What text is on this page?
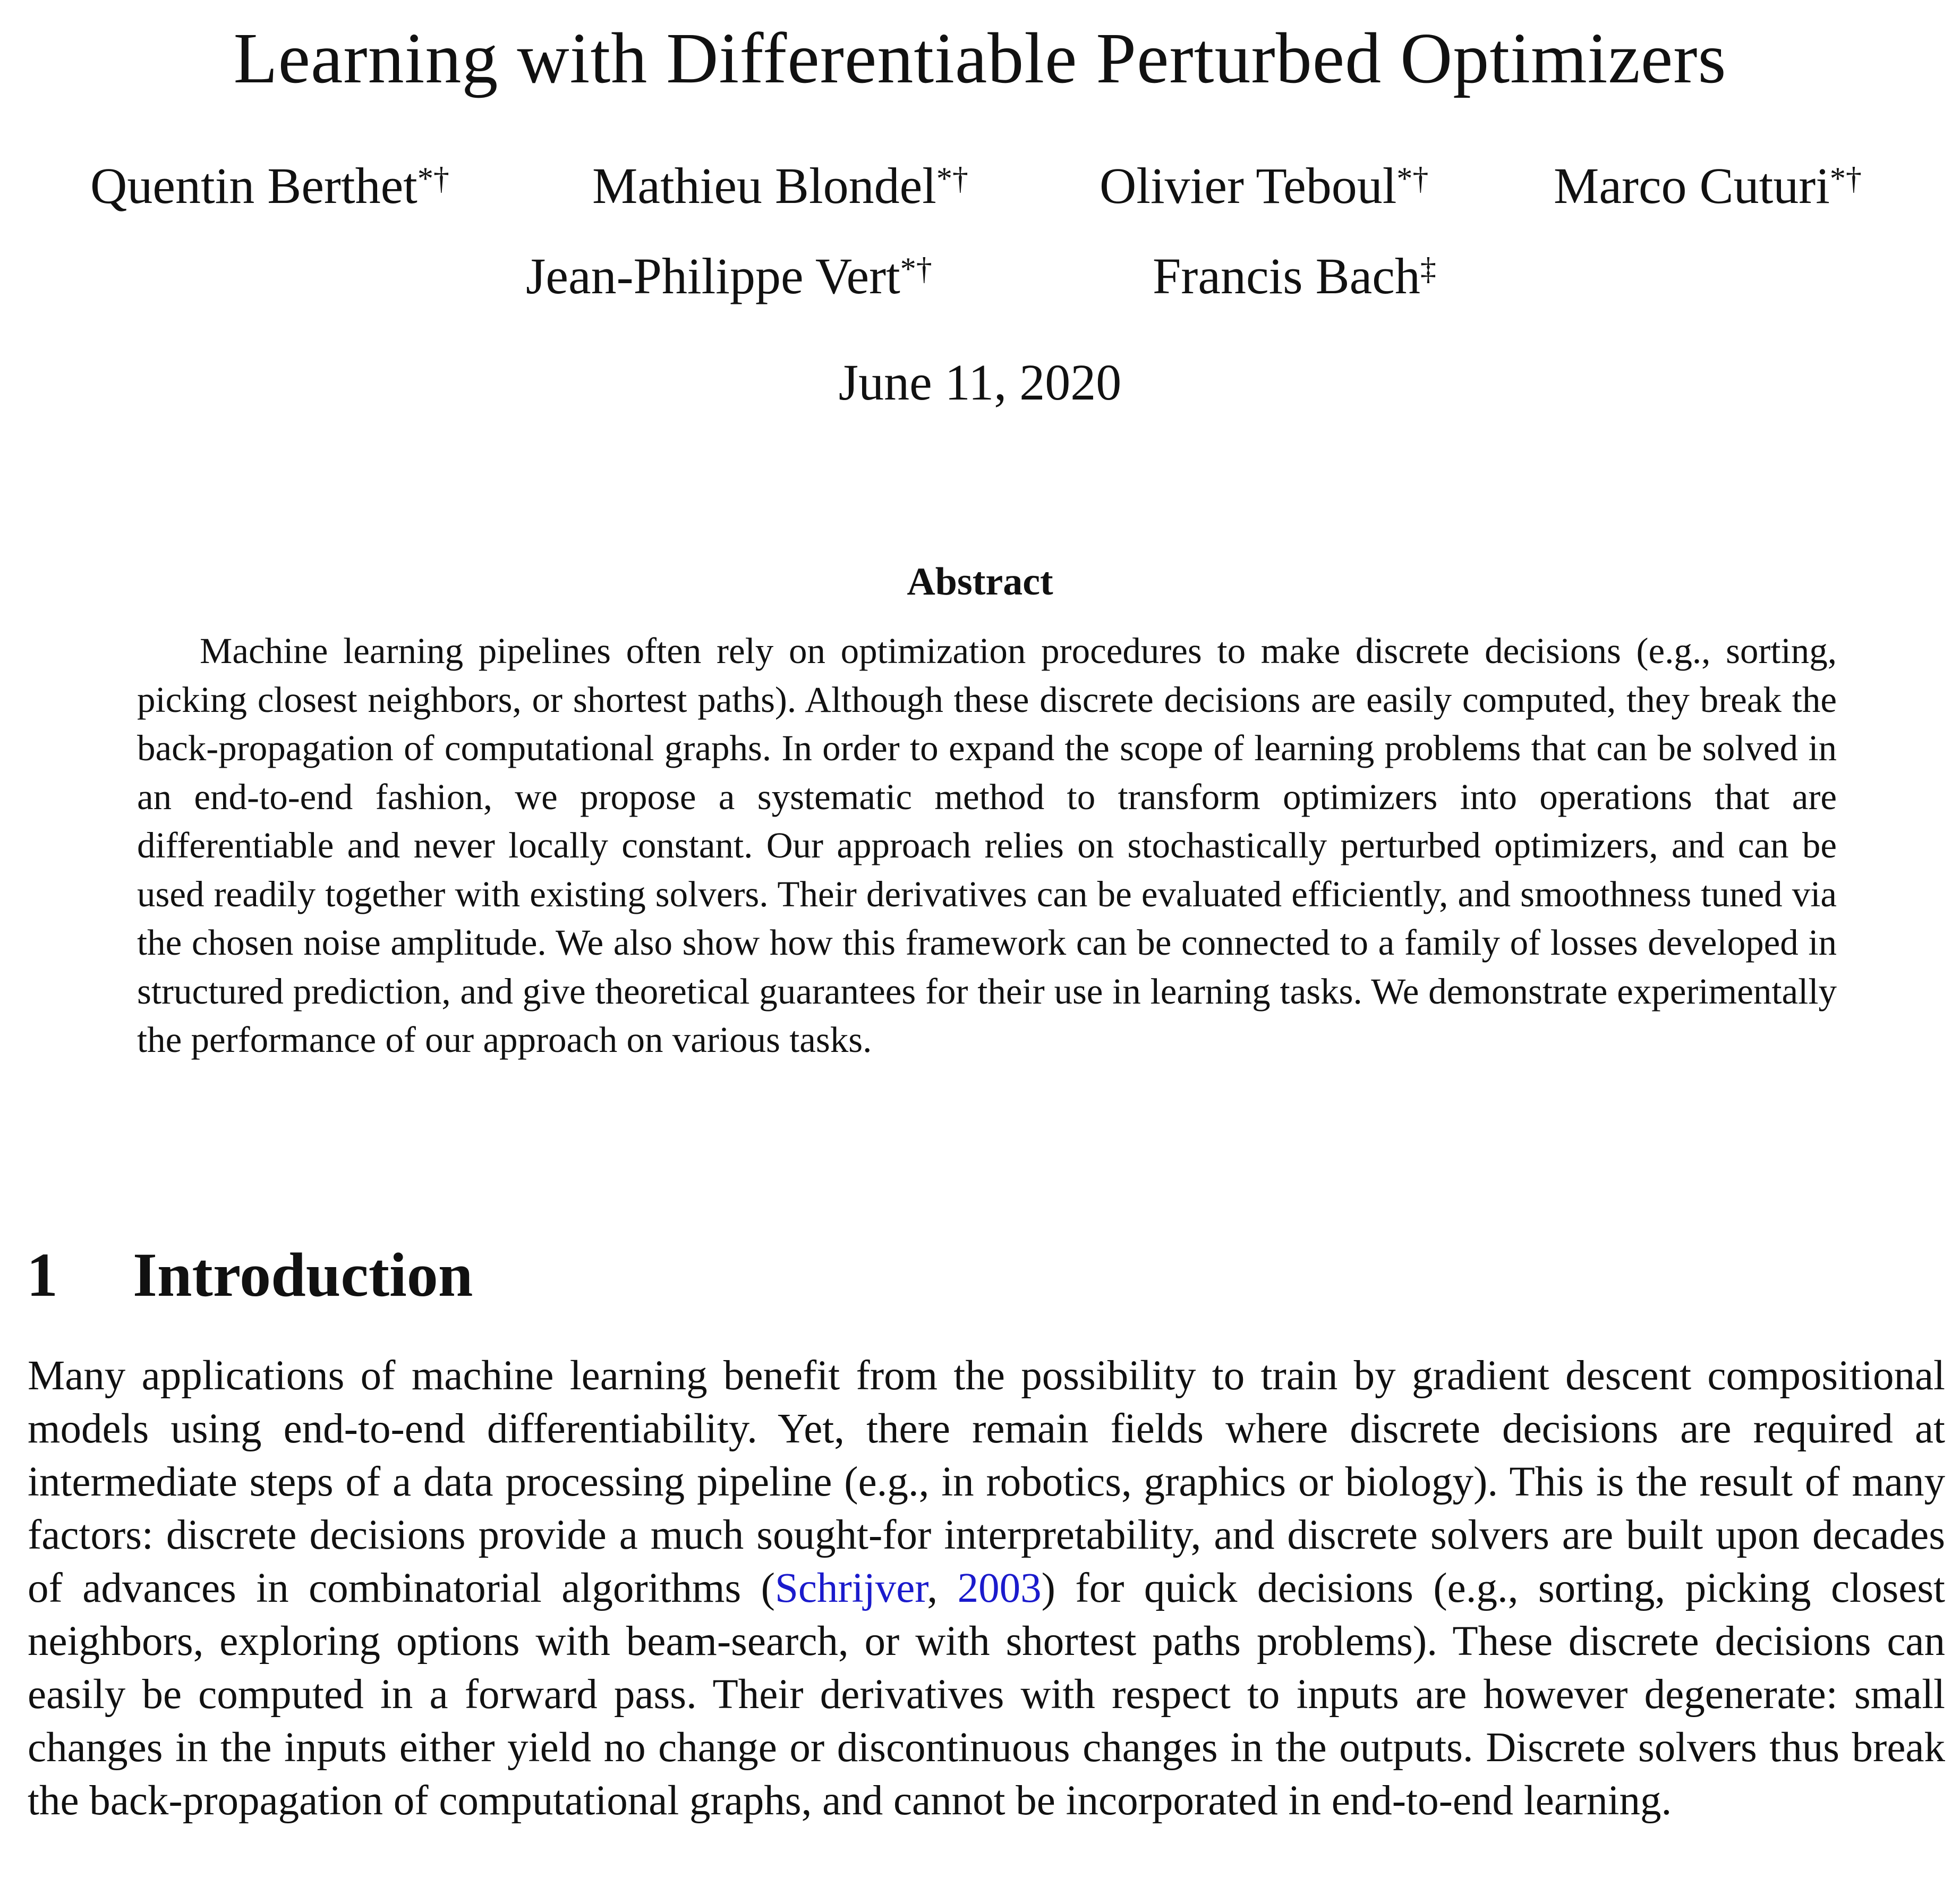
Learning with Differentiable Perturbed Optimizers
Quentin Berthet*†	Mathieu Blondel*†	Olivier Teboul*† Marco Cuturi*†
Jean-Philippe Vert*†	Francis Bach‡
June 11, 2020
Abstract
Machine learning pipelines often rely on optimization procedures to make discrete decisions (e.g., sorting, picking closest neighbors, or shortest paths). Although these discrete decisions are easily computed, they break the back-propagation of computational graphs. In order to expand the scope of learning problems that can be solved in an end-to-end fashion, we propose a systematic method to transform optimizers into operations that are differentiable and never locally constant. Our approach relies on stochastically perturbed optimizers, and can be used readily together with existing solvers. Their derivatives can be evaluated efficiently, and smoothness tuned via the chosen noise amplitude. We also show how this framework can be connected to a family of losses developed in structured prediction, and give theoretical guarantees for their use in learning tasks. We demonstrate experimentally the performance of our approach on various tasks.
1 Introduction
Many applications of machine learning benefit from the possibility to train by gradient descent compositional models using end-to-end differentiability. Yet, there remain fields where discrete decisions are required at intermediate steps of a data processing pipeline (e.g., in robotics, graphics or biology). This is the result of many factors: discrete decisions provide a much sought-for interpretability, and discrete solvers are built upon decades of advances in combinatorial algorithms (Schrijver, 2003) for quick decisions (e.g., sorting, picking closest neighbors, exploring options with beam-search, or with shortest paths problems). These discrete decisions can easily be computed in a forward pass. Their derivatives with respect to inputs are however degenerate: small changes in the inputs either yield no change or discontinuous changes in the outputs. Discrete solvers thus break the back-propagation of computational graphs, and cannot be incorporated in end-to-end learning.
